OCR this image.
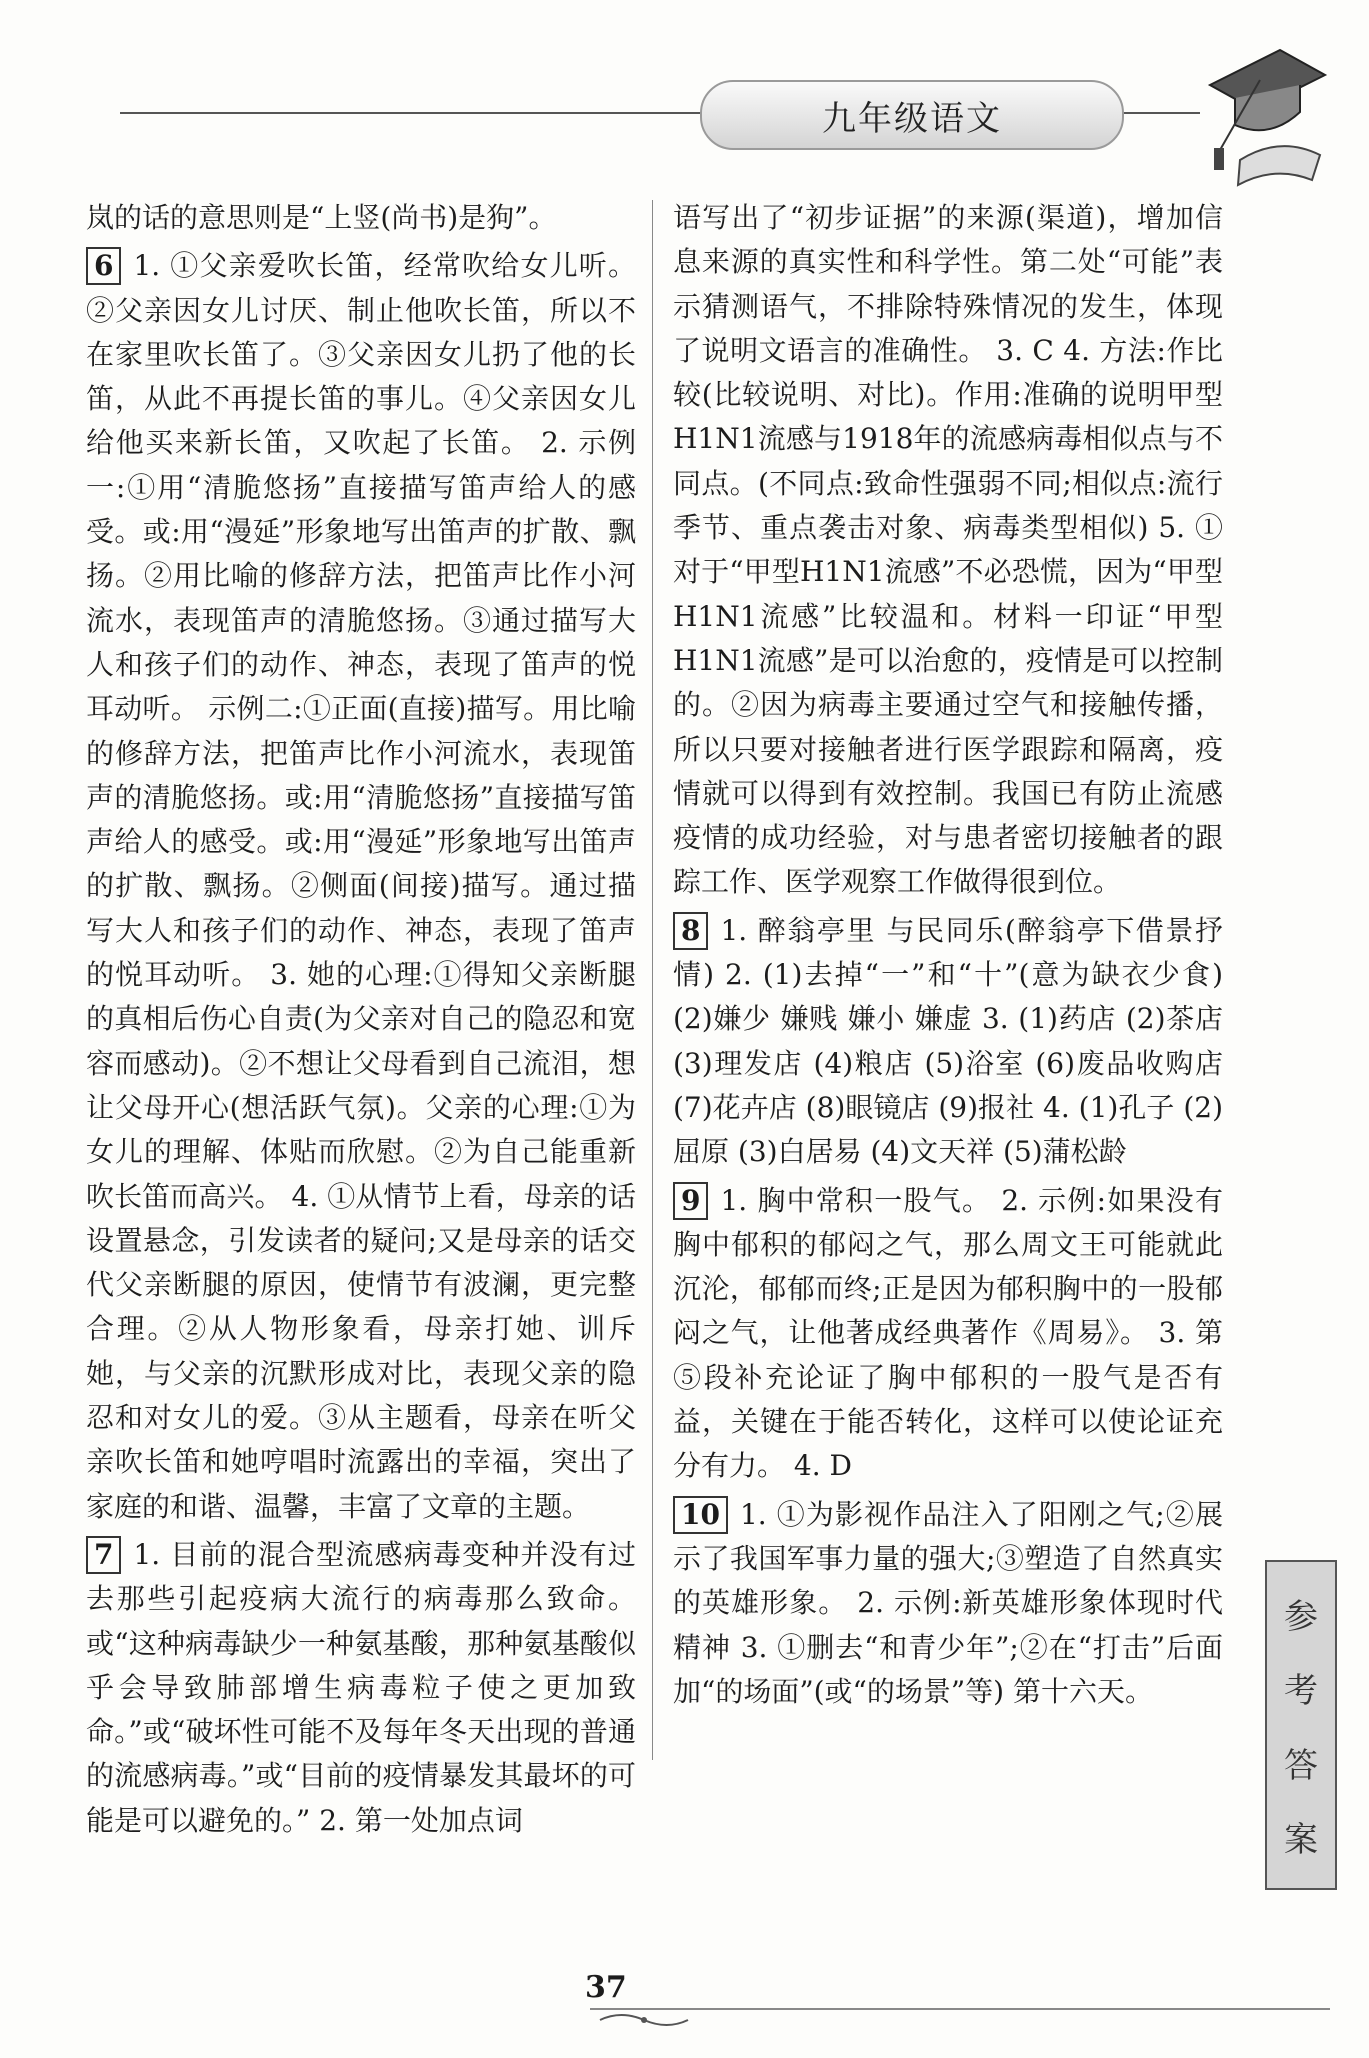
九年级语文

岚的话的意思则是“上竖(尚书)是狗”。

6 1. ①父亲爱吹长笛，经常吹给女儿听。②父亲因女儿讨厌、制止他吹长笛，所以不在家里吹长笛了。③父亲因女儿扔了他的长笛，从此不再提长笛的事儿。④父亲因女儿给他买来新长笛，又吹起了长笛。 2. 示例一:①用“清脆悠扬”直接描写笛声给人的感受。或:用“漫延”形象地写出笛声的扩散、飘扬。②用比喻的修辞方法，把笛声比作小河流水，表现笛声的清脆悠扬。③通过描写大人和孩子们的动作、神态，表现了笛声的悦耳动听。 示例二:①正面(直接)描写。用比喻的修辞方法，把笛声比作小河流水，表现笛声的清脆悠扬。或:用“清脆悠扬”直接描写笛声给人的感受。或:用“漫延”形象地写出笛声的扩散、飘扬。②侧面(间接)描写。通过描写大人和孩子们的动作、神态，表现了笛声的悦耳动听。 3. 她的心理:①得知父亲断腿的真相后伤心自责(为父亲对自己的隐忍和宽容而感动)。②不想让父母看到自己流泪，想让父母开心(想活跃气氛)。父亲的心理:①为女儿的理解、体贴而欣慰。②为自己能重新吹长笛而高兴。 4. ①从情节上看，母亲的话设置悬念，引发读者的疑问;又是母亲的话交代父亲断腿的原因，使情节有波澜，更完整合理。②从人物形象看，母亲打她、训斥她，与父亲的沉默形成对比，表现父亲的隐忍和对女儿的爱。③从主题看，母亲在听父亲吹长笛和她哼唱时流露出的幸福，突出了家庭的和谐、温馨，丰富了文章的主题。

7 1. 目前的混合型流感病毒变种并没有过去那些引起疫病大流行的病毒那么致命。或“这种病毒缺少一种氨基酸，那种氨基酸似乎会导致肺部增生病毒粒子使之更加致命。”或“破坏性可能不及每年冬天出现的普通的流感病毒。”或“目前的疫情暴发其最坏的可能是可以避免的。” 2. 第一处加点词

语写出了“初步证据”的来源(渠道)，增加信息来源的真实性和科学性。第二处“可能”表示猜测语气，不排除特殊情况的发生，体现了说明文语言的准确性。 3. C 4. 方法:作比较(比较说明、对比)。作用:准确的说明甲型H1N1流感与1918年的流感病毒相似点与不同点。(不同点:致命性强弱不同;相似点:流行季节、重点袭击对象、病毒类型相似) 5. ①对于“甲型H1N1流感”不必恐慌，因为“甲型H1N1流感”比较温和。材料一印证“甲型H1N1流感”是可以治愈的，疫情是可以控制的。②因为病毒主要通过空气和接触传播，所以只要对接触者进行医学跟踪和隔离，疫情就可以得到有效控制。我国已有防止流感疫情的成功经验，对与患者密切接触者的跟踪工作、医学观察工作做得很到位。

8 1. 醉翁亭里 与民同乐(醉翁亭下借景抒情) 2. (1)去掉“一”和“十”(意为缺衣少食) (2)嫌少 嫌贱 嫌小 嫌虚 3. (1)药店 (2)茶店 (3)理发店 (4)粮店 (5)浴室 (6)废品收购店 (7)花卉店 (8)眼镜店 (9)报社 4. (1)孔子 (2)屈原 (3)白居易 (4)文天祥 (5)蒲松龄

9 1. 胸中常积一股气。 2. 示例:如果没有胸中郁积的郁闷之气，那么周文王可能就此沉沦，郁郁而终;正是因为郁积胸中的一股郁闷之气，让他著成经典著作《周易》。 3. 第⑤段补充论证了胸中郁积的一股气是否有益，关键在于能否转化，这样可以使论证充分有力。 4. D

10 1. ①为影视作品注入了阳刚之气;②展示了我国军事力量的强大;③塑造了自然真实的英雄形象。 2. 示例:新英雄形象体现时代精神 3. ①删去“和青少年”;②在“打击”后面加“的场面”(或“的场景”等) 第十六天。

参
考
答
案
37
